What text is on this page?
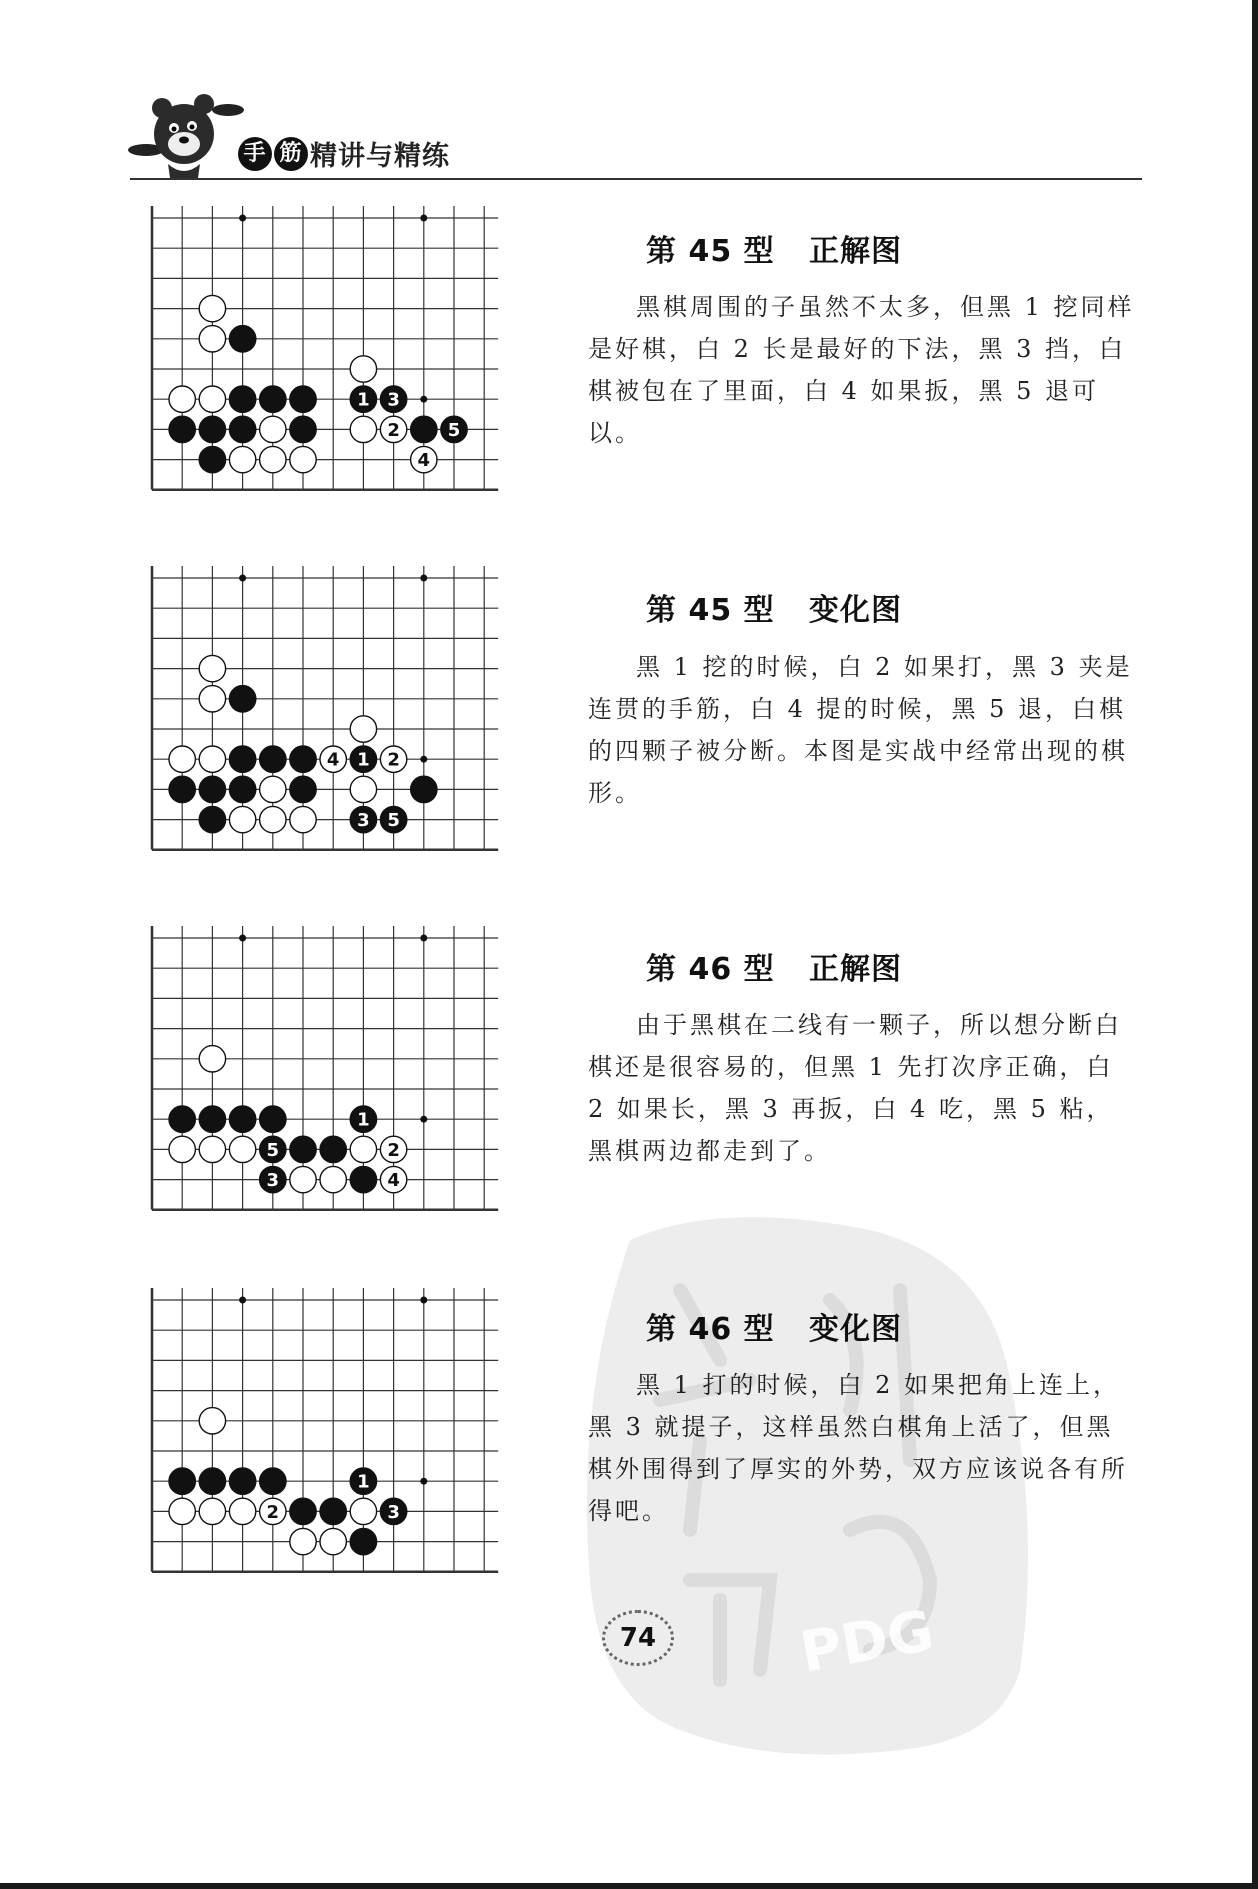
手 筋 精讲与精练
1 3
2	5
4
4 1 2
3 5
1
5	2
3	4
1
2	3
第 45 型   正解图
黑棋周围的子虽然不太多，但黑 1 挖同样是好棋，白 2 长是最好的下法，黑 3 挡，白棋被包在了里面，白 4 如果扳，黑 5 退可以。
第 45 型   变化图
黑 1 挖的时候，白 2 如果打，黑 3 夹是连贯的手筋，白 4 提的时候，黑 5 退，白棋的四颗子被分断。本图是实战中经常出现的棋形。
第 46 型   正解图
由于黑棋在二线有一颗子，所以想分断白棋还是很容易的，但黑 1 先打次序正确，白 2 如果长，黑 3 再扳，白 4 吃，黑 5 粘，黑棋两边都走到了。
第 46 型   变化图
黑 1 打的时候，白 2 如果把角上连上，黑 3 就提子，这样虽然白棋角上活了，但黑棋外围得到了厚实的外势，双方应该说各有所得吧。
PDG
74
